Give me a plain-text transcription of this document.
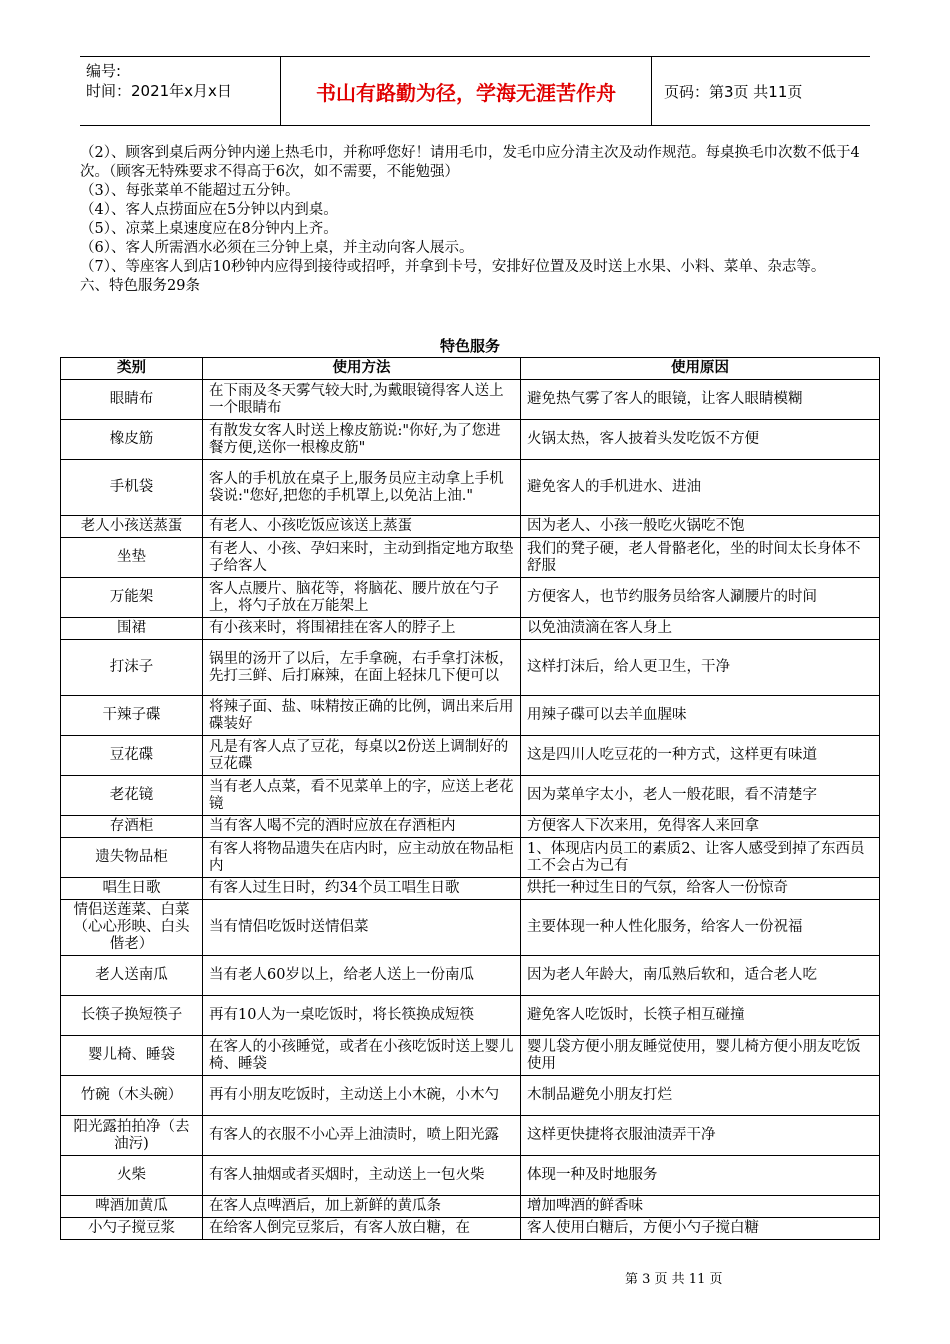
编号:
时间：2021年x月x日	书山有路勤为径，学海无涯苦作舟	页码：第3页 共11页

（2）、顾客到桌后两分钟内递上热毛巾，并称呼您好！请用毛巾，发毛巾应分清主次及动作规范。每桌换毛巾次数不低于4次。（顾客无特殊要求不得高于6次，如不需要，不能勉强）

（3）、每张菜单不能超过五分钟。

（4）、客人点捞面应在5分钟以内到桌。

（5）、凉菜上桌速度应在8分钟内上齐。

（6）、客人所需酒水必须在三分钟上桌，并主动向客人展示。

（7）、等座客人到店10秒钟内应得到接待或招呼，并拿到卡号，安排好位置及及时送上水果、小料、菜单、杂志等。

六、特色服务29条

特色服务
类别	使用方法	使用原因
眼睛布	在下雨及冬天雾气较大时,为戴眼镜得客人送上一个眼睛布	避免热气雾了客人的眼镜，让客人眼睛模糊
橡皮筋	有散发女客人时送上橡皮筋说:"你好,为了您进餐方便,送你一根橡皮筋"	火锅太热，客人披着头发吃饭不方便
手机袋	客人的手机放在桌子上,服务员应主动拿上手机袋说:"您好,把您的手机罩上,以免沾上油."	避免客人的手机进水、进油
老人小孩送蒸蛋	有老人、小孩吃饭应该送上蒸蛋	因为老人、小孩一般吃火锅吃不饱
坐垫	有老人、小孩、孕妇来时，主动到指定地方取垫子给客人	我们的凳子硬，老人骨骼老化，坐的时间太长身体不舒服
万能架	客人点腰片、脑花等，将脑花、腰片放在勺子上，将勺子放在万能架上	方便客人，也节约服务员给客人涮腰片的时间
围裙	有小孩来时，将围裙挂在客人的脖子上	以免油渍滴在客人身上
打沫子	锅里的汤开了以后，左手拿碗，右手拿打沫板，先打三鲜、后打麻辣，在面上轻抹几下便可以	这样打沫后，给人更卫生，干净
干辣子碟	将辣子面、盐、味精按正确的比例，调出来后用碟装好	用辣子碟可以去羊血腥味
豆花碟	凡是有客人点了豆花，每桌以2份送上调制好的豆花碟	这是四川人吃豆花的一种方式，这样更有味道
老花镜	当有老人点菜，看不见菜单上的字，应送上老花镜	因为菜单字太小，老人一般花眼，看不清楚字
存酒柜	当有客人喝不完的酒时应放在存酒柜内	方便客人下次来用，免得客人来回拿
遗失物品柜	有客人将物品遗失在店内时，应主动放在物品柜内	1、体现店内员工的素质2、让客人感受到掉了东西员工不会占为己有
唱生日歌	有客人过生日时，约34个员工唱生日歌	烘托一种过生日的气氛，给客人一份惊奇
情侣送莲菜、白菜（心心形映、白头偕老）	当有情侣吃饭时送情侣菜	主要体现一种人性化服务，给客人一份祝福
老人送南瓜	当有老人60岁以上，给老人送上一份南瓜	因为老人年龄大，南瓜熟后软和，适合老人吃
长筷子换短筷子	再有10人为一桌吃饭时，将长筷换成短筷	避免客人吃饭时，长筷子相互碰撞
婴儿椅、睡袋	在客人的小孩睡觉，或者在小孩吃饭时送上婴儿椅、睡袋	婴儿袋方便小朋友睡觉使用，婴儿椅方便小朋友吃饭使用
竹碗（木头碗）	再有小朋友吃饭时，主动送上小木碗，小木勺	木制品避免小朋友打烂
阳光露拍拍净（去油污)	有客人的衣服不小心弄上油渍时，喷上阳光露	这样更快捷将衣服油渍弄干净
火柴	有客人抽烟或者买烟时，主动送上一包火柴	体现一种及时地服务
啤酒加黄瓜	在客人点啤酒后，加上新鲜的黄瓜条	增加啤酒的鲜香味
小勺子搅豆浆	在给客人倒完豆浆后，有客人放白糖，在	客人使用白糖后，方便小勺子搅白糖
第 3 页 共 11 页
